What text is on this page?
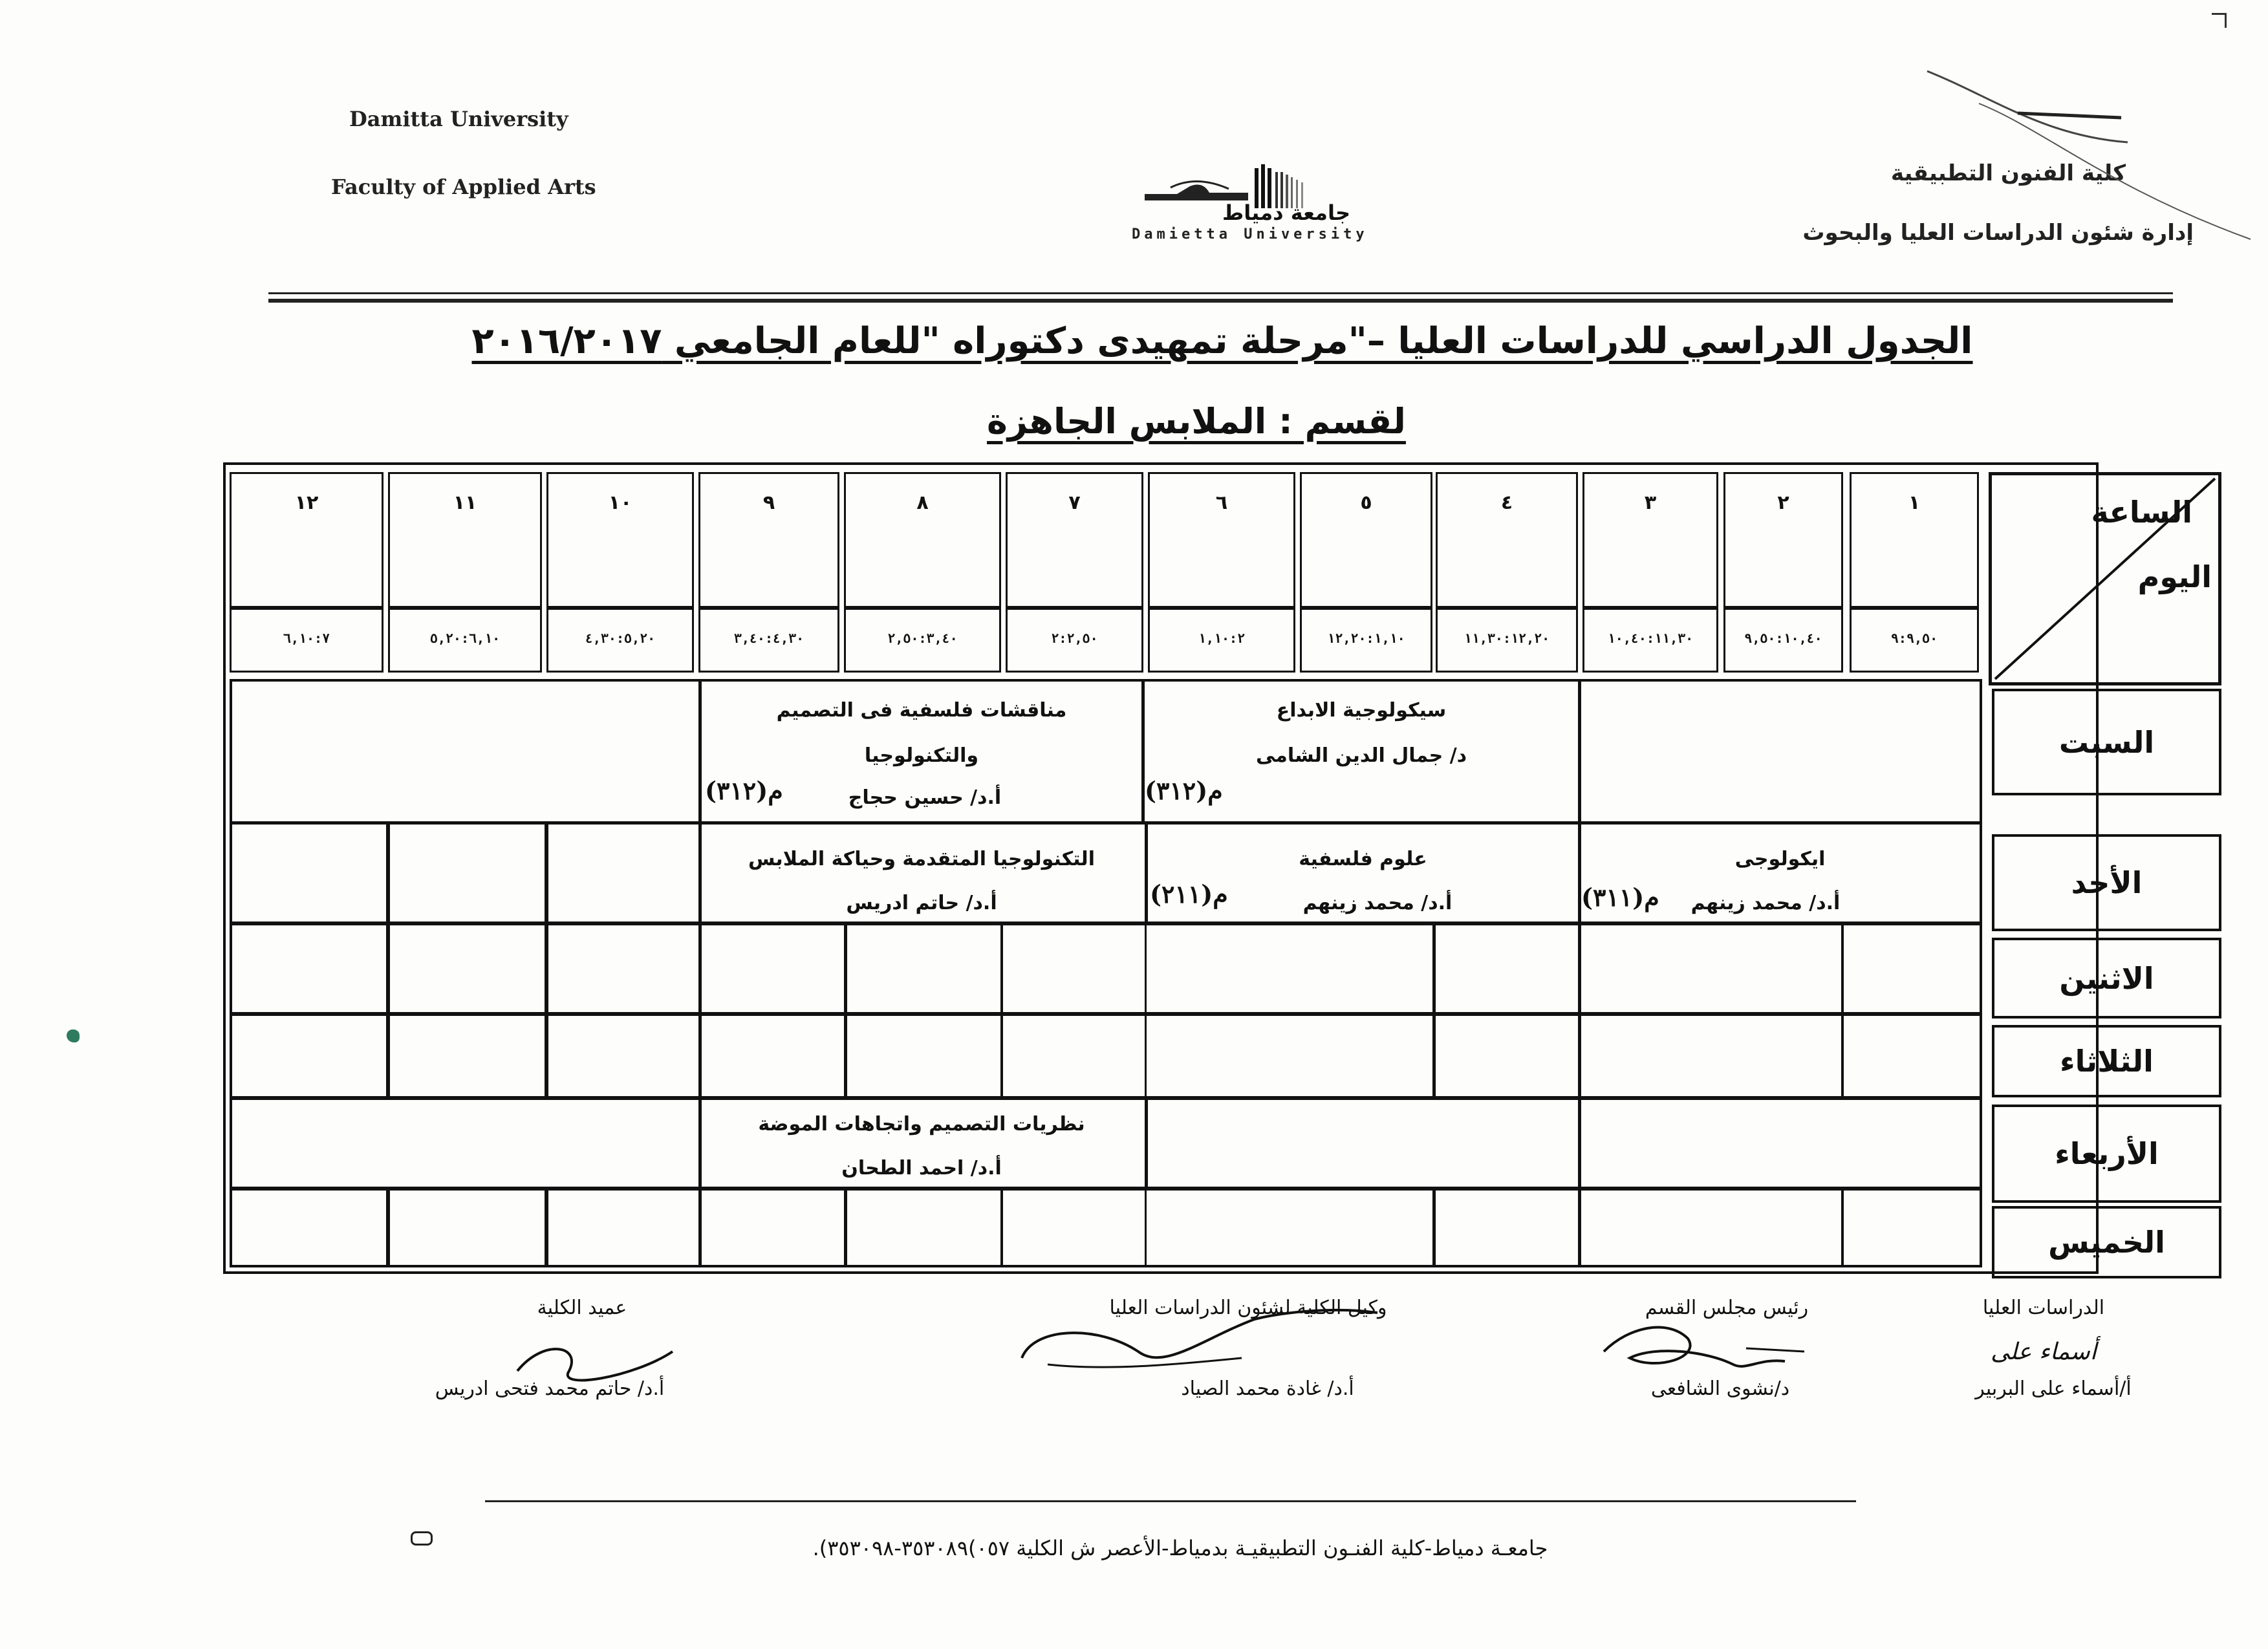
Damitta University
Faculty of Applied Arts
كلية الفنون التطبيقية
إدارة شئون الدراسات العليا والبحوث
جامعة دمياط
Damietta University
الجدول الدراسي للدراسات العليا –"مرحلة تمهيدى دكتوراه "للعام الجامعي ٢٠١٦/٢٠١٧
لقسم : الملابس الجاهزة
الساعة
اليوم
١
٢
٣
٤
٥
٦
٧
٨
٩
١٠
١١
١٢
٩:٩,٥٠
٩,٥٠:١٠,٤٠
١٠,٤٠:١١,٣٠
١١,٣٠:١٢,٢٠
١٢,٢٠:١,١٠
١,١٠:٢
٢:٢,٥٠
٢,٥٠:٣,٤٠
٣,٤٠:٤,٣٠
٤,٣٠:٥,٢٠
٥,٢٠:٦,١٠
٦,١٠:٧
السبت
الأحد
الاثنين
الثلاثاء
الأربعاء
الخميس
سيكولوجية الابداع
د/ جمال الدين الشامى
م(٣١٢)
مناقشات فلسفية فى التصميم
والتكنولوجيا
أ.د/ حسين حجاج
م(٣١٢)
ايكولوجى
أ.د/ محمد زينهم
م(٣١١)
علوم فلسفية
أ.د/ محمد زينهم
م(٢١١)
التكنولوجيا المتقدمة وحياكة الملابس
أ.د/ حاتم ادريس
نظريات التصميم واتجاهات الموضة
أ.د/ احمد الطحان
الدراسات العليا
أسماء على
أ/أسماء على البربير
رئيس مجلس القسم
د/نشوى الشافعى
وكيل الكلية لشئون الدراسات العليا
أ.د/ غادة محمد الصياد
عميد الكلية
أ.د/ حاتم محمد فتحى ادريس
جامعـة دمياط-كلية الفنـون التطبيقيـة بدمياط-الأعصر ش الكلية ٠٥٧)٣٥٣٠٨٩-٣٥٣٠٩٨).
